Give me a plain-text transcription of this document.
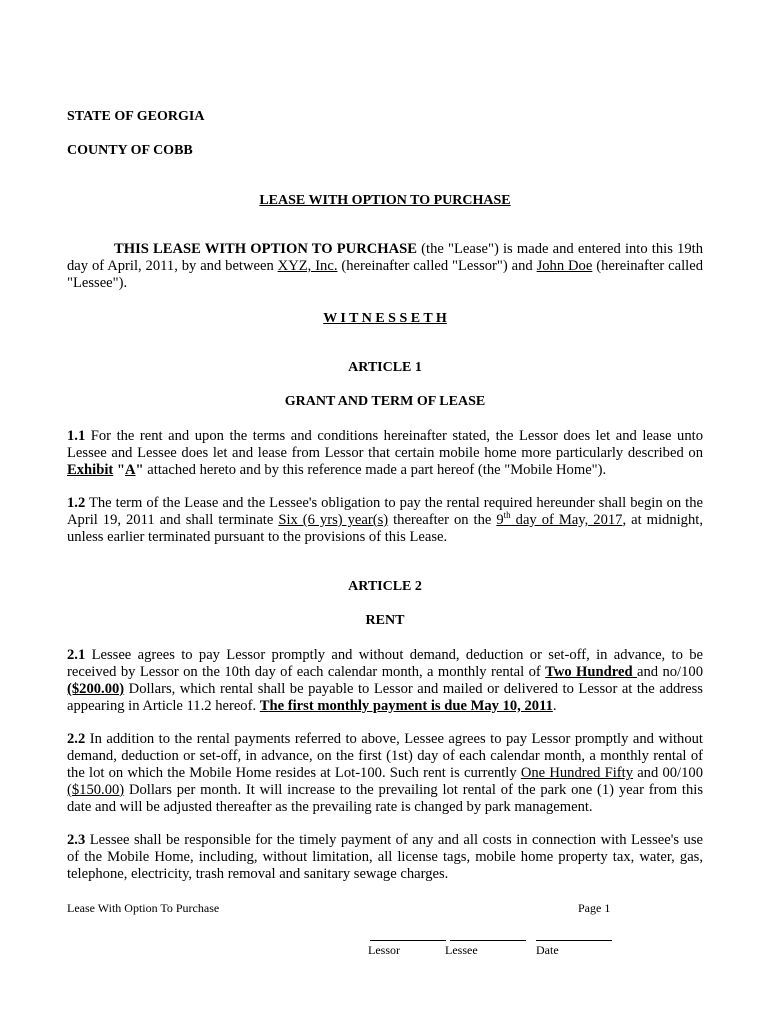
STATE OF GEORGIA
COUNTY OF COBB
LEASE WITH OPTION TO PURCHASE

THIS LEASE WITH OPTION TO PURCHASE (the "Lease") is made and entered into this 19th day of April, 2011, by and between XYZ, Inc. (hereinafter called "Lessor") and John Doe (hereinafter called "Lessee").

W I T N E S S E T H
ARTICLE 1
GRANT AND TERM OF LEASE

1.1 For the rent and upon the terms and conditions hereinafter stated, the Lessor does let and lease unto Lessee and Lessee does let and lease from Lessor that certain mobile home more particularly described on Exhibit "A" attached hereto and by this reference made a part hereof (the "Mobile Home").

1.2 The term of the Lease and the Lessee's obligation to pay the rental required hereunder shall begin on the April 19, 2011 and shall terminate Six (6 yrs) year(s) thereafter on the 9th day of May, 2017, at midnight, unless earlier terminated pursuant to the provisions of this Lease.

ARTICLE 2
RENT

2.1 Lessee agrees to pay Lessor promptly and without demand, deduction or set-off, in advance, to be received by Lessor on the 10th day of each calendar month, a monthly rental of Two Hundred and no/100 ($200.00) Dollars, which rental shall be payable to Lessor and mailed or delivered to Lessor at the address appearing in Article 11.2 hereof. The first monthly payment is due May 10, 2011.

2.2 In addition to the rental payments referred to above, Lessee agrees to pay Lessor promptly and without demand, deduction or set-off, in advance, on the first (1st) day of each calendar month, a monthly rental of the lot on which the Mobile Home resides at Lot-100. Such rent is currently One Hundred Fifty and 00/100 ($150.00) Dollars per month. It will increase to the prevailing lot rental of the park one (1) year from this date and will be adjusted thereafter as the prevailing rate is changed by park management.

2.3 Lessee shall be responsible for the timely payment of any and all costs in connection with Lessee's use of the Mobile Home, including, without limitation, all license tags, mobile home property tax, water, gas, telephone, electricity, trash removal and sanitary sewage charges.

Lease With Option To Purchase	Page 1
Lessor	Lessee	Date
